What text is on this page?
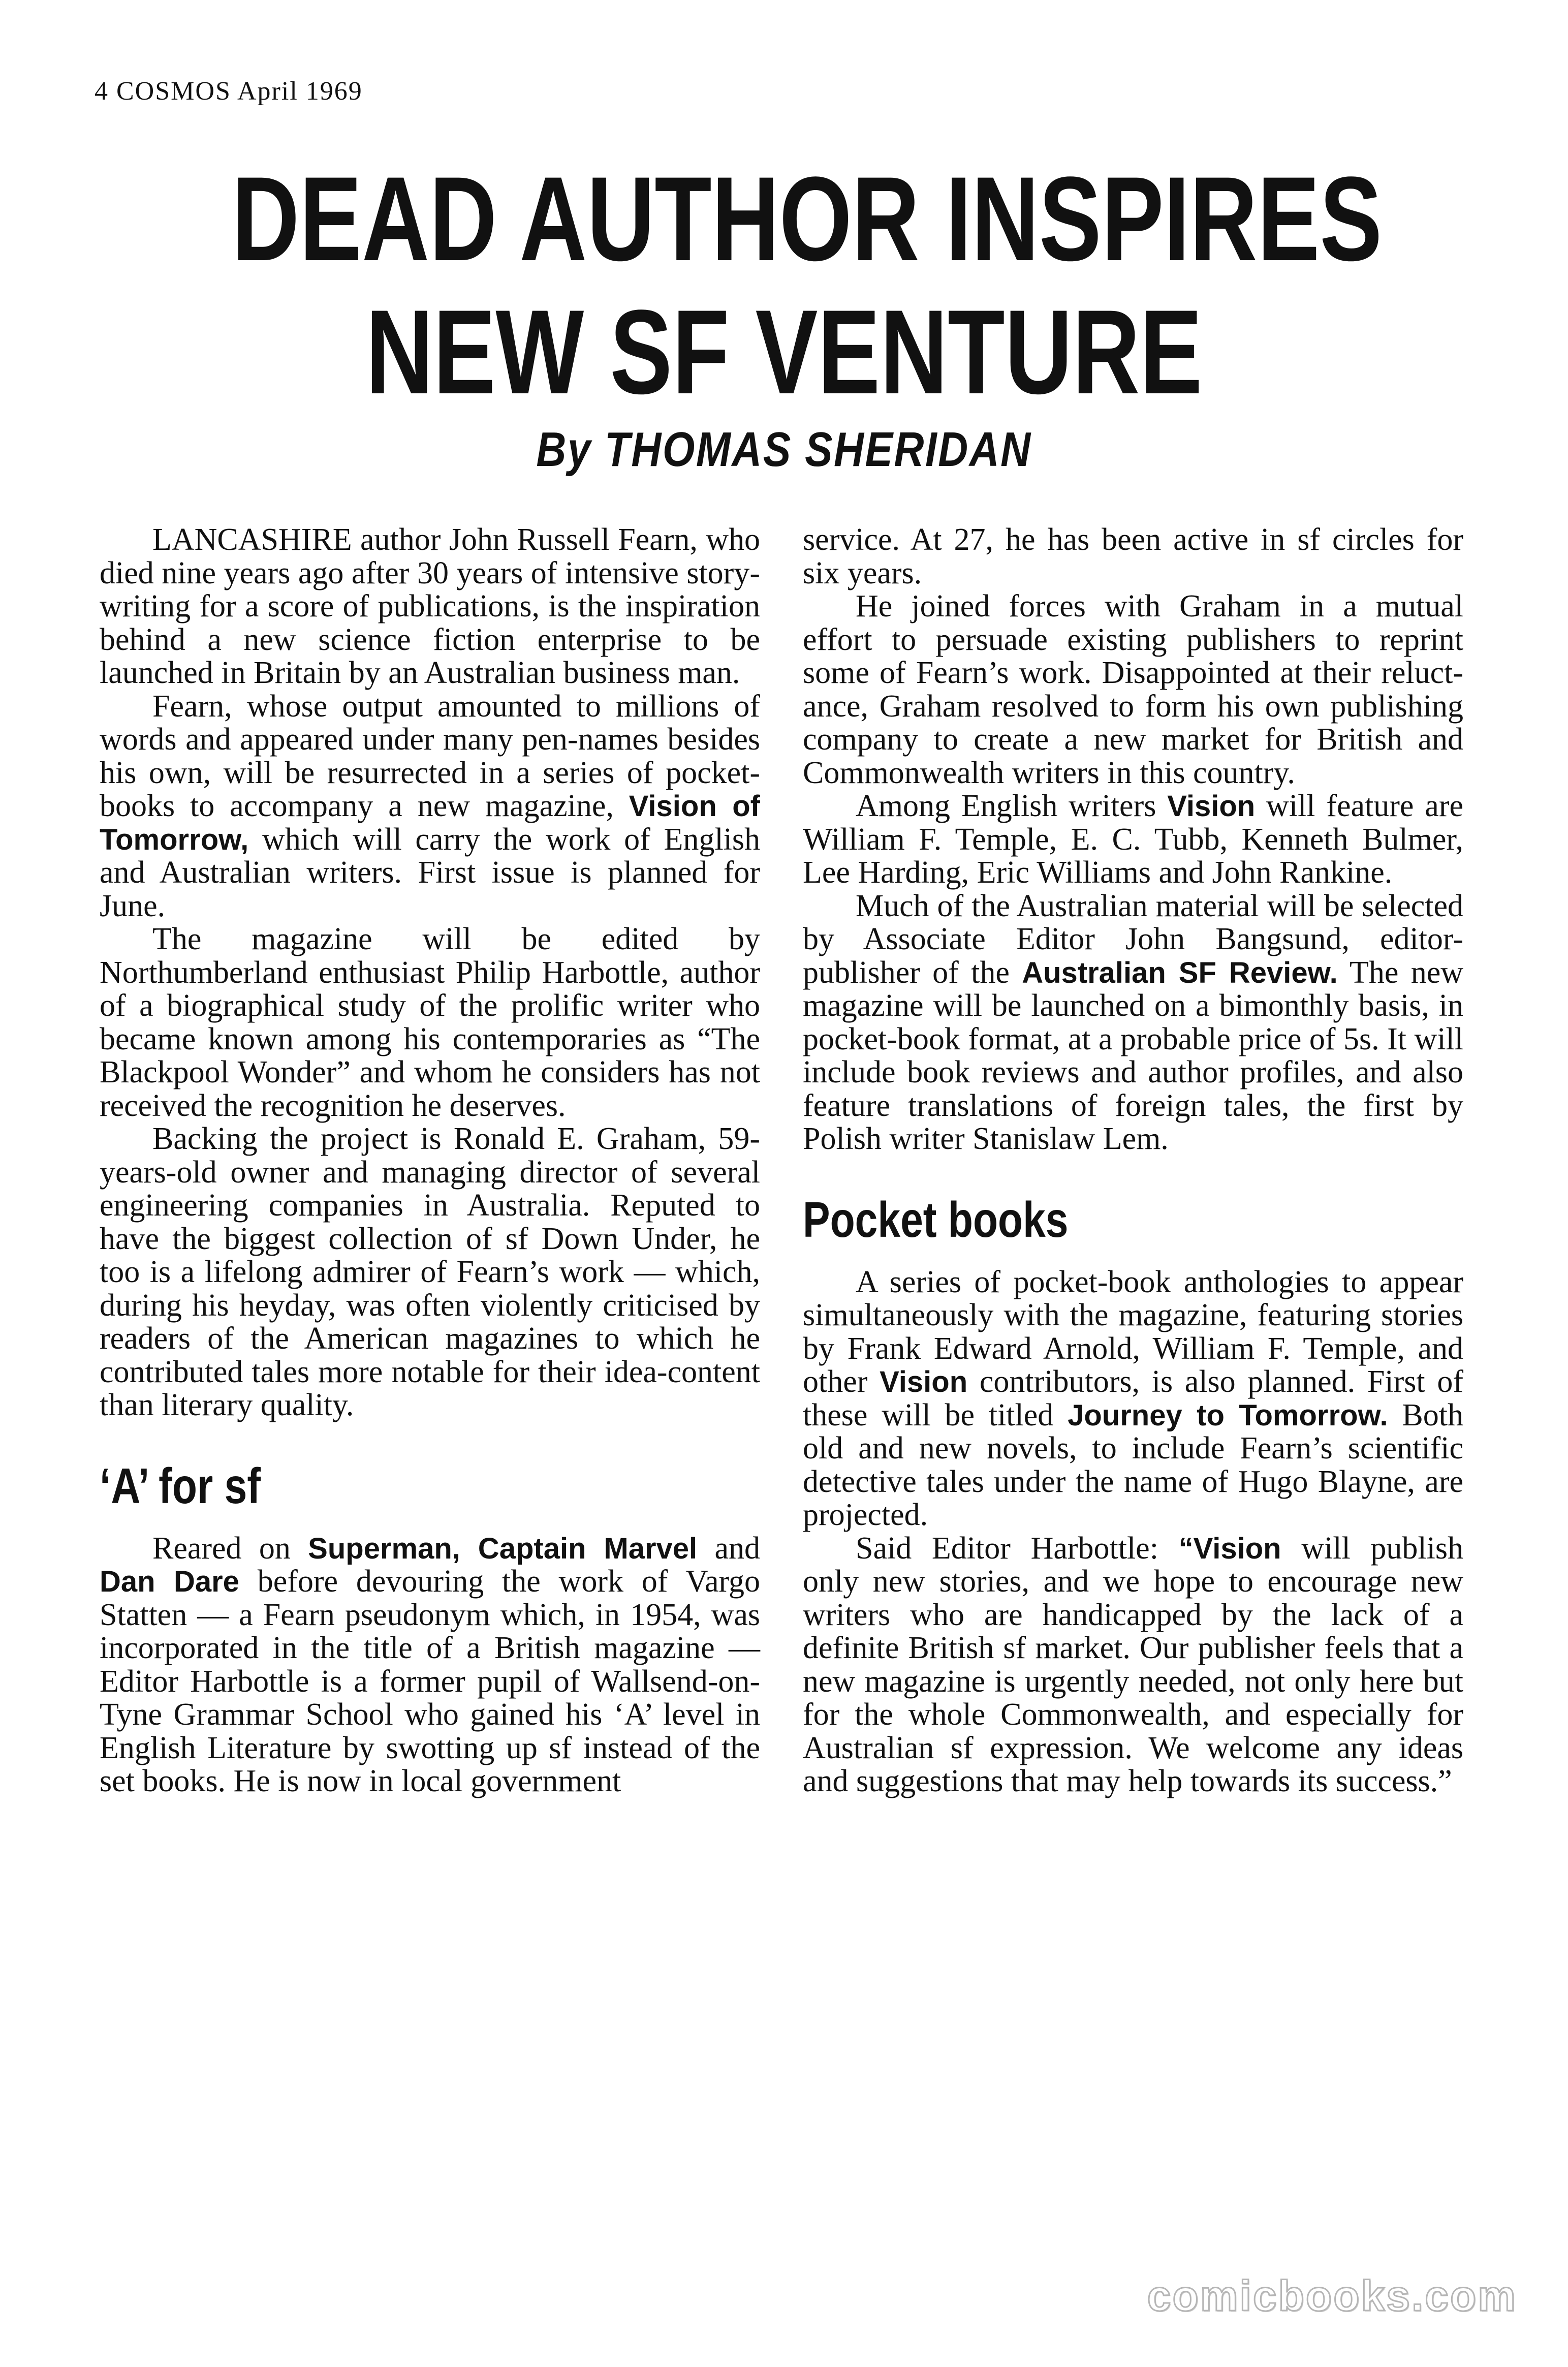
4 COSMOS April 1969
DEAD AUTHOR INSPIRES
NEW SF VENTURE
By THOMAS SHERIDAN

LANCASHIRE author John Russell Fearn, who died nine years ago after 30 years of intensive storywriting for a score of publications, is the inspiration behind a new science fiction enterprise to be launched in Britain by an Australian business man.

Fearn, whose output amounted to millions of words and appeared under many pen-names besides his own, will be resurrected in a series of pocket-books to accompany a new magazine, Vision of Tomorrow, which will carry the work of English and Australian writers. First issue is planned for June.

The magazine will be edited by Northumberland enthusiast Philip Harbottle, author of a biographical study of the prolific writer who became known among his contemporaries as “The Blackpool Wonder” and whom he considers has not received the recognition he deserves.

Backing the project is Ronald E. Graham, 59-years-old owner and managing director of several engineering companies in Australia. Reputed to have the biggest collection of sf Down Under, he too is a lifelong admirer of Fearn’s work — which, during his heyday, was often violently criticised by readers of the American magazines to which he contributed tales more notable for their idea-content than literary quality.

‘A’ for sf

Reared on Superman, Captain Marvel and Dan Dare before devouring the work of Vargo Statten — a Fearn pseudonym which, in 1954, was incorporated in the title of a British magazine — Editor Harbottle is a former pupil of Wallsend-on-Tyne Grammar School who gained his ‘A’ level in English Literature by swotting up sf instead of the set books. He is now in local government

service. At 27, he has been active in sf circles for six years.

He joined forces with Graham in a mutual effort to persuade existing publishers to reprint some of Fearn’s work. Disappointed at their reluctance, Graham resolved to form his own publishing company to create a new market for British and Commonwealth writers in this country.

Among English writers Vision will feature are William F. Temple, E. C. Tubb, Kenneth Bulmer, Lee Harding, Eric Williams and John Rankine.

Much of the Australian material will be selected by Associate Editor John Bangsund, editor-publisher of the Australian SF Review. The new magazine will be launched on a bimonthly basis, in pocket-book format, at a probable price of 5s. It will include book reviews and author profiles, and also feature translations of foreign tales, the first by Polish writer Stanislaw Lem.

Pocket books

A series of pocket-book anthologies to appear simultaneously with the magazine, featuring stories by Frank Edward Arnold, William F. Temple, and other Vision contributors, is also planned. First of these will be titled Journey to Tomorrow. Both old and new novels, to include Fearn’s scientific detective tales under the name of Hugo Blayne, are projected.

Said Editor Harbottle: “Vision will publish only new stories, and we hope to encourage new writers who are handicapped by the lack of a definite British sf market. Our publisher feels that a new magazine is urgently needed, not only here but for the whole Commonwealth, and especially for Australian sf expression. We welcome any ideas and suggestions that may help towards its success.”

comicbooks.com
